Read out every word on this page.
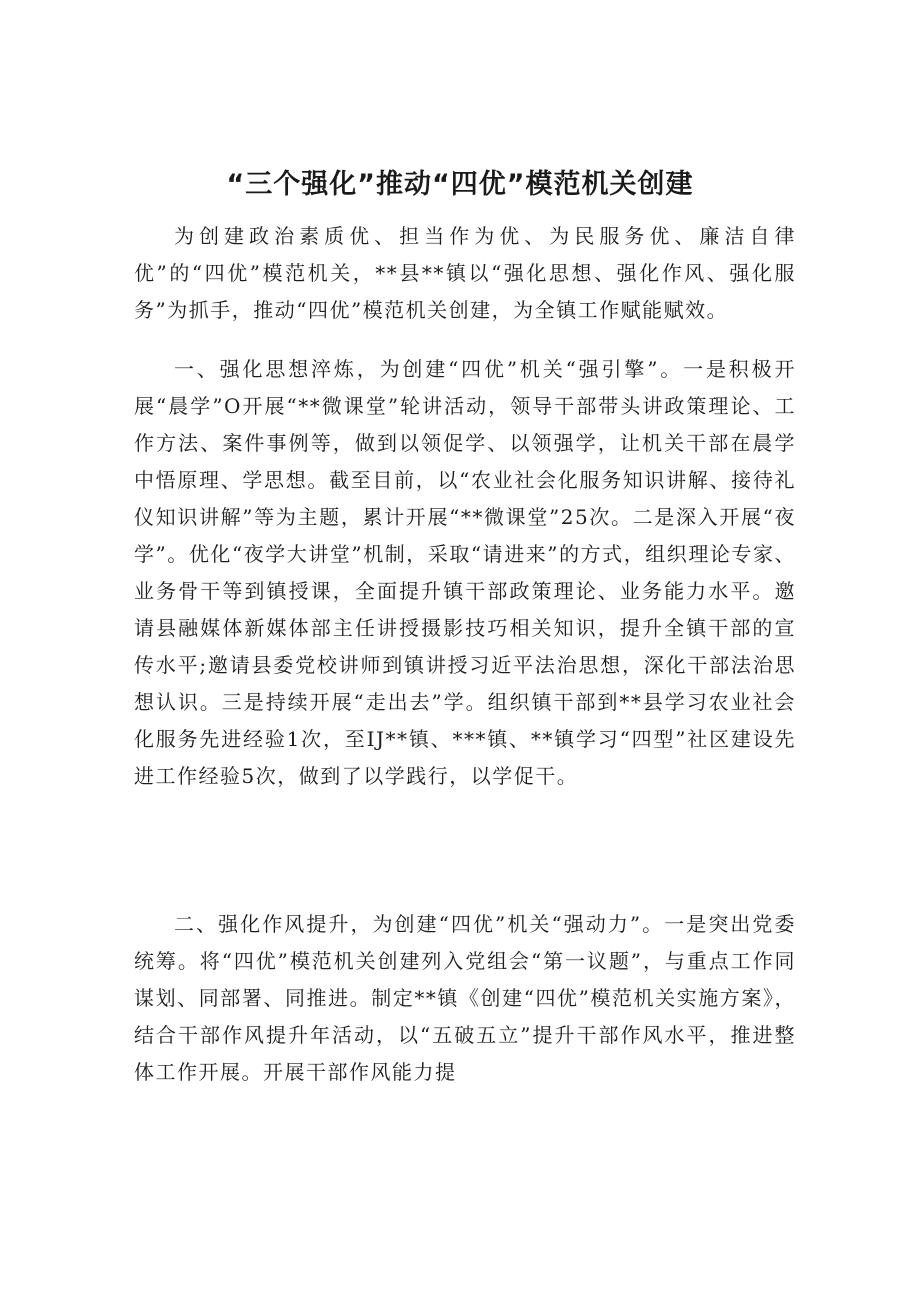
“三个强化”推动“四优”模范机关创建

为创建政治素质优、担当作为优、为民服务优、廉洁自律优”的“四优”模范机关，**县**镇以“强化思想、强化作风、强化服务”为抓手，推动“四优”模范机关创建，为全镇工作赋能赋效。

一、强化思想淬炼，为创建“四优”机关“强引擎”。一是积极开展“晨学”O开展“**微课堂”轮讲活动，领导干部带头讲政策理论、工作方法、案件事例等，做到以领促学、以领强学，让机关干部在晨学中悟原理、学思想。截至目前，以“农业社会化服务知识讲解、接待礼仪知识讲解”等为主题，累计开展“**微课堂”25次。二是深入开展“夜学”。优化“夜学大讲堂”机制，采取“请进来”的方式，组织理论专家、业务骨干等到镇授课，全面提升镇干部政策理论、业务能力水平。邀请县融媒体新媒体部主任讲授摄影技巧相关知识，提升全镇干部的宣传水平;邀请县委党校讲师到镇讲授习近平法治思想，深化干部法治思想认识。三是持续开展“走出去”学。组织镇干部到**县学习农业社会化服务先进经验1次，至IJ**镇、***镇、**镇学习“四型”社区建设先进工作经验5次，做到了以学践行，以学促干。

二、强化作风提升，为创建“四优”机关“强动力”。一是突出党委统筹。将“四优”模范机关创建列入党组会“第一议题”，与重点工作同谋划、同部署、同推进。制定**镇《创建“四优”模范机关实施方案》，结合干部作风提升年活动，以“五破五立”提升干部作风水平，推进整体工作开展。开展干部作风能力提
